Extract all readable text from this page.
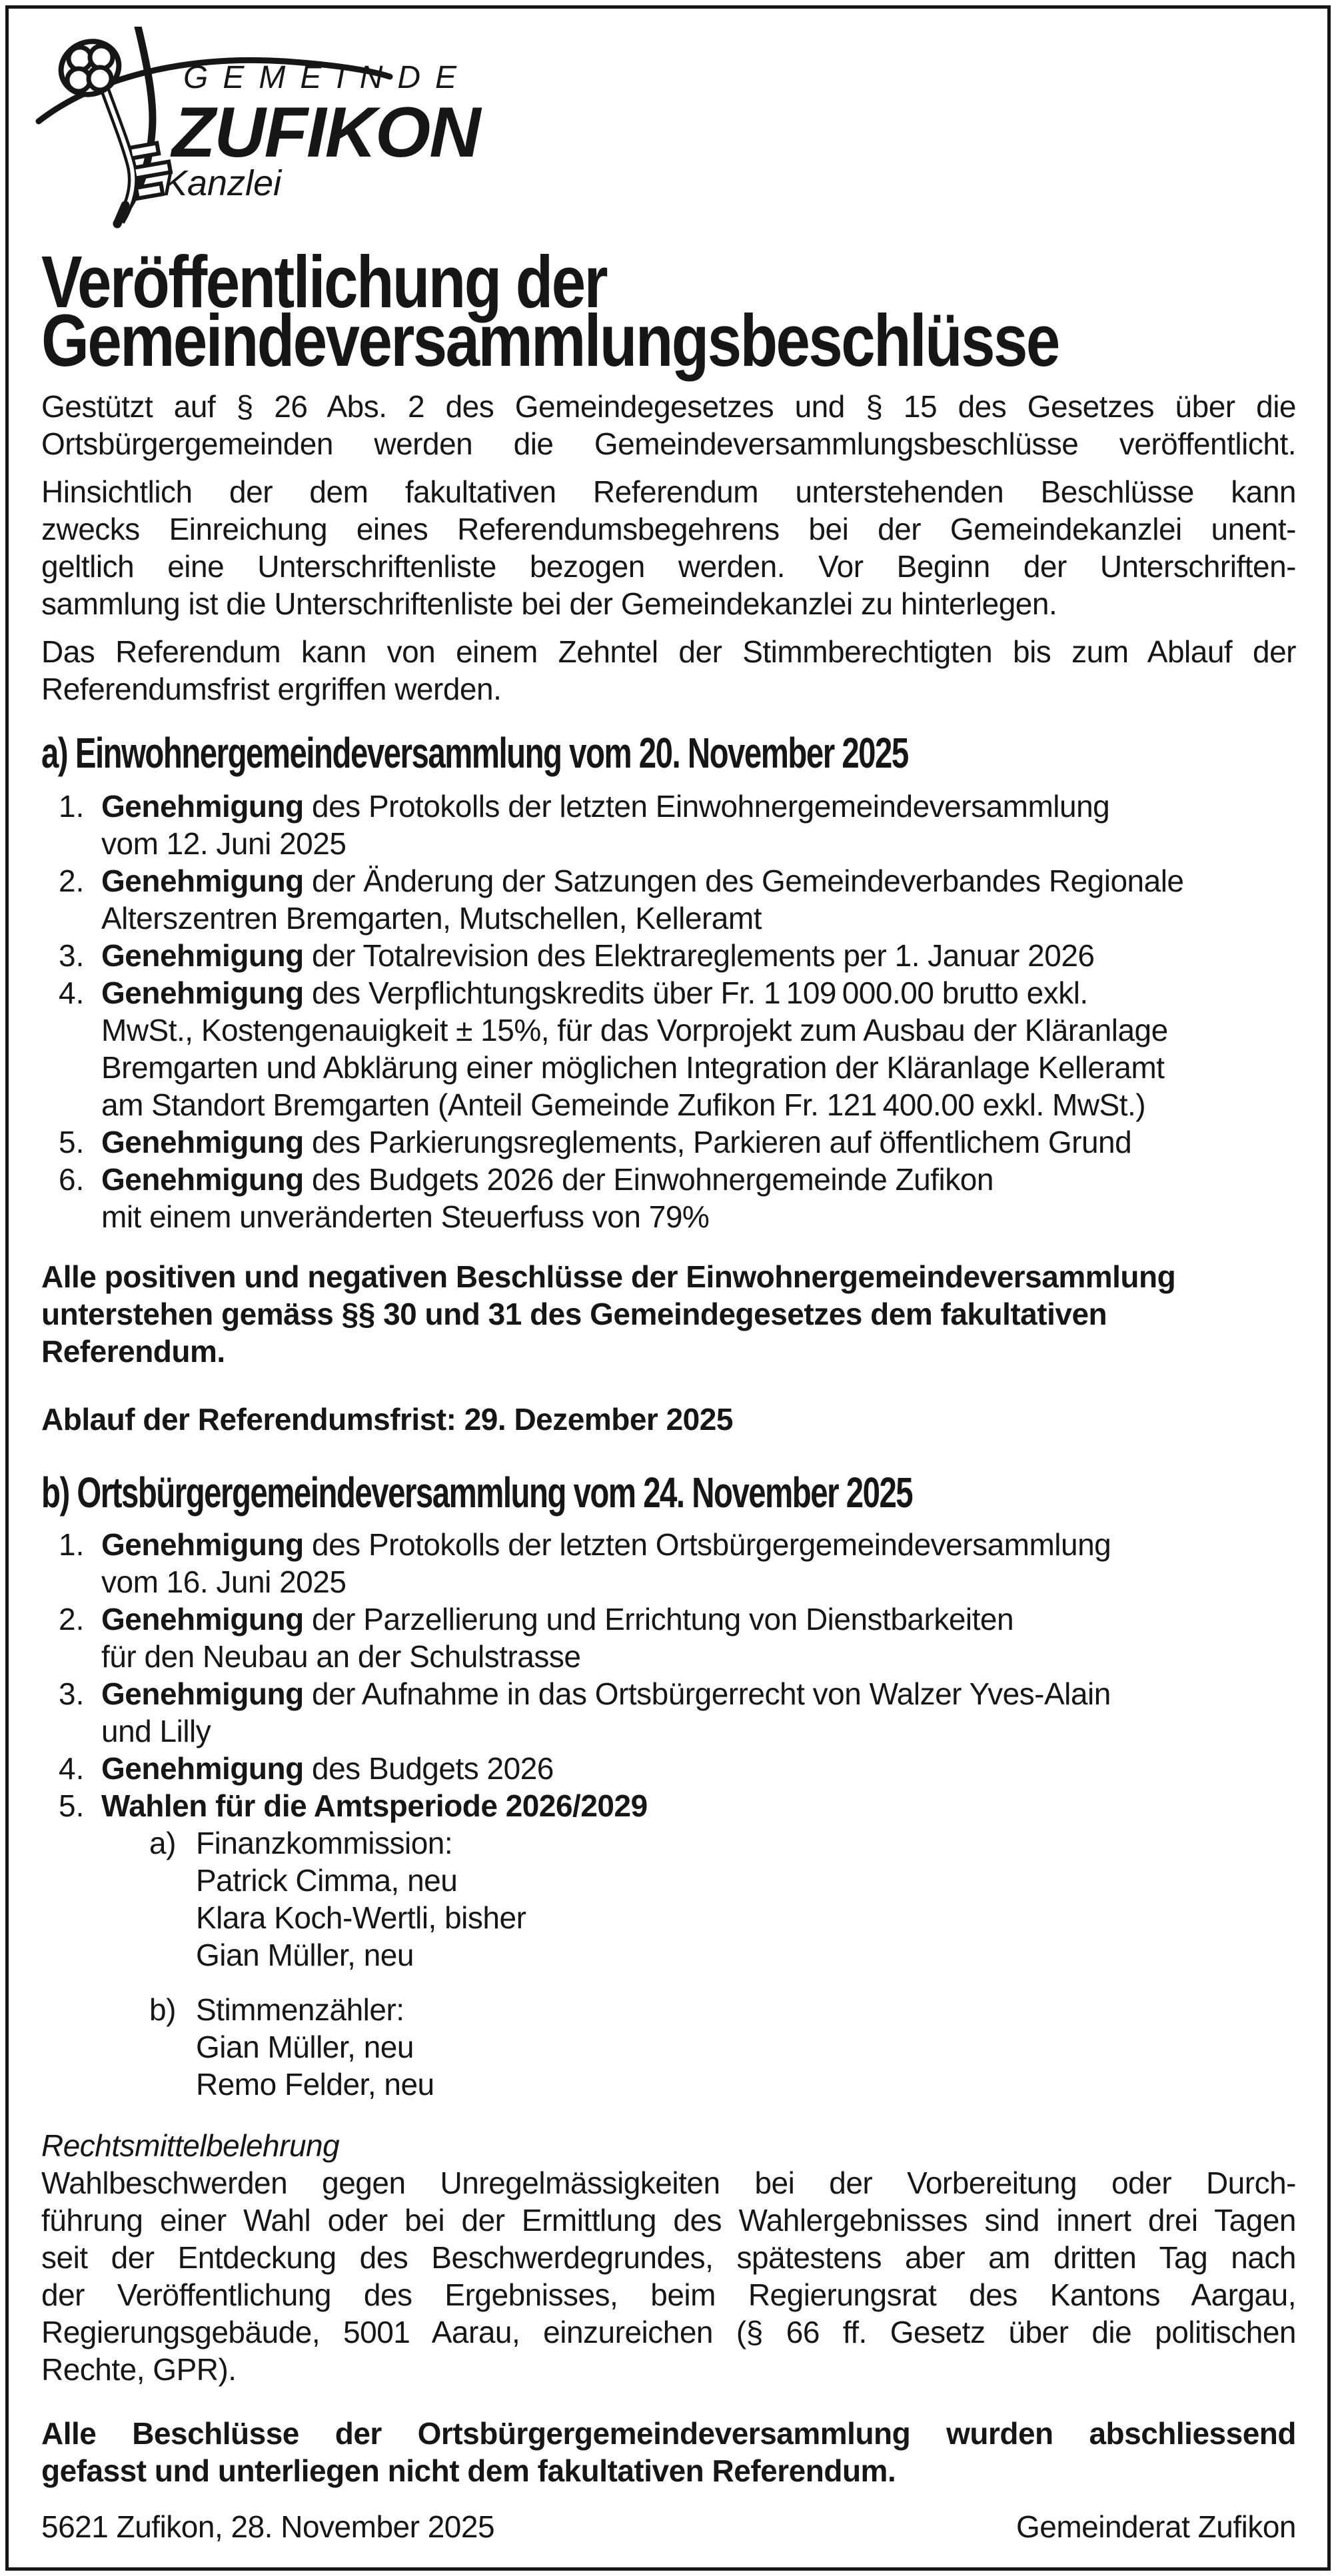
GEMEINDE
ZUFIKON
Kanzlei
Veröffentlichung der
Gemeindeversammlungsbeschlüsse
Gestützt auf § 26 Abs. 2 des Gemeindegesetzes und § 15 des Gesetzes über die
Ortsbürgergemeinden werden die Gemeindeversammlungsbeschlüsse veröffentlicht.
Hinsichtlich der dem fakultativen Referendum unterstehenden Beschlüsse kann
zwecks Einreichung eines Referendumsbegehrens bei der Gemeindekanzlei unent-
geltlich eine Unterschriftenliste bezogen werden. Vor Beginn der Unterschriften-
sammlung ist die Unterschriftenliste bei der Gemeindekanzlei zu hinterlegen.
Das Referendum kann von einem Zehntel der Stimmberechtigten bis zum Ablauf der
Referendumsfrist ergriffen werden.
a) Einwohnergemeindeversammlung vom 20. November 2025
1. Genehmigung des Protokolls der letzten Einwohnergemeindeversammlung
vom 12. Juni 2025
2. Genehmigung der Änderung der Satzungen des Gemeindeverbandes Regionale
Alterszentren Bremgarten, Mutschellen, Kelleramt
3. Genehmigung der Totalrevision des Elektrareglements per 1. Januar 2026
4. Genehmigung des Verpflichtungskredits über Fr. 1 109 000.00 brutto exkl.
MwSt., Kostengenauigkeit ± 15%, für das Vorprojekt zum Ausbau der Kläranlage
Bremgarten und Abklärung einer möglichen Integration der Kläranlage Kelleramt
am Standort Bremgarten (Anteil Gemeinde Zufikon Fr. 121 400.00 exkl. MwSt.)
5. Genehmigung des Parkierungsreglements, Parkieren auf öffentlichem Grund
6. Genehmigung des Budgets 2026 der Einwohnergemeinde Zufikon
mit einem unveränderten Steuerfuss von 79%
Alle positiven und negativen Beschlüsse der Einwohnergemeindeversammlung
unterstehen gemäss §§ 30 und 31 des Gemeindegesetzes dem fakultativen
Referendum.
Ablauf der Referendumsfrist: 29. Dezember 2025
b) Ortsbürgergemeindeversammlung vom 24. November 2025
1. Genehmigung des Protokolls der letzten Ortsbürgergemeindeversammlung
vom 16. Juni 2025
2. Genehmigung der Parzellierung und Errichtung von Dienstbarkeiten
für den Neubau an der Schulstrasse
3. Genehmigung der Aufnahme in das Ortsbürgerrecht von Walzer Yves-Alain
und Lilly
4. Genehmigung des Budgets 2026
5. Wahlen für die Amtsperiode 2026/2029
a) Finanzkommission:
Patrick Cimma, neu
Klara Koch-Wertli, bisher
Gian Müller, neu
b) Stimmenzähler:
Gian Müller, neu
Remo Felder, neu
Rechtsmittelbelehrung
Wahlbeschwerden gegen Unregelmässigkeiten bei der Vorbereitung oder Durch-
führung einer Wahl oder bei der Ermittlung des Wahlergebnisses sind innert drei Tagen
seit der Entdeckung des Beschwerdegrundes, spätestens aber am dritten Tag nach
der Veröffentlichung des Ergebnisses, beim Regierungsrat des Kantons Aargau,
Regierungsgebäude, 5001 Aarau, einzureichen (§ 66 ff. Gesetz über die politischen
Rechte, GPR).
Alle Beschlüsse der Ortsbürgergemeindeversammlung wurden abschliessend
gefasst und unterliegen nicht dem fakultativen Referendum.
5621 Zufikon, 28. November 2025	Gemeinderat Zufikon
